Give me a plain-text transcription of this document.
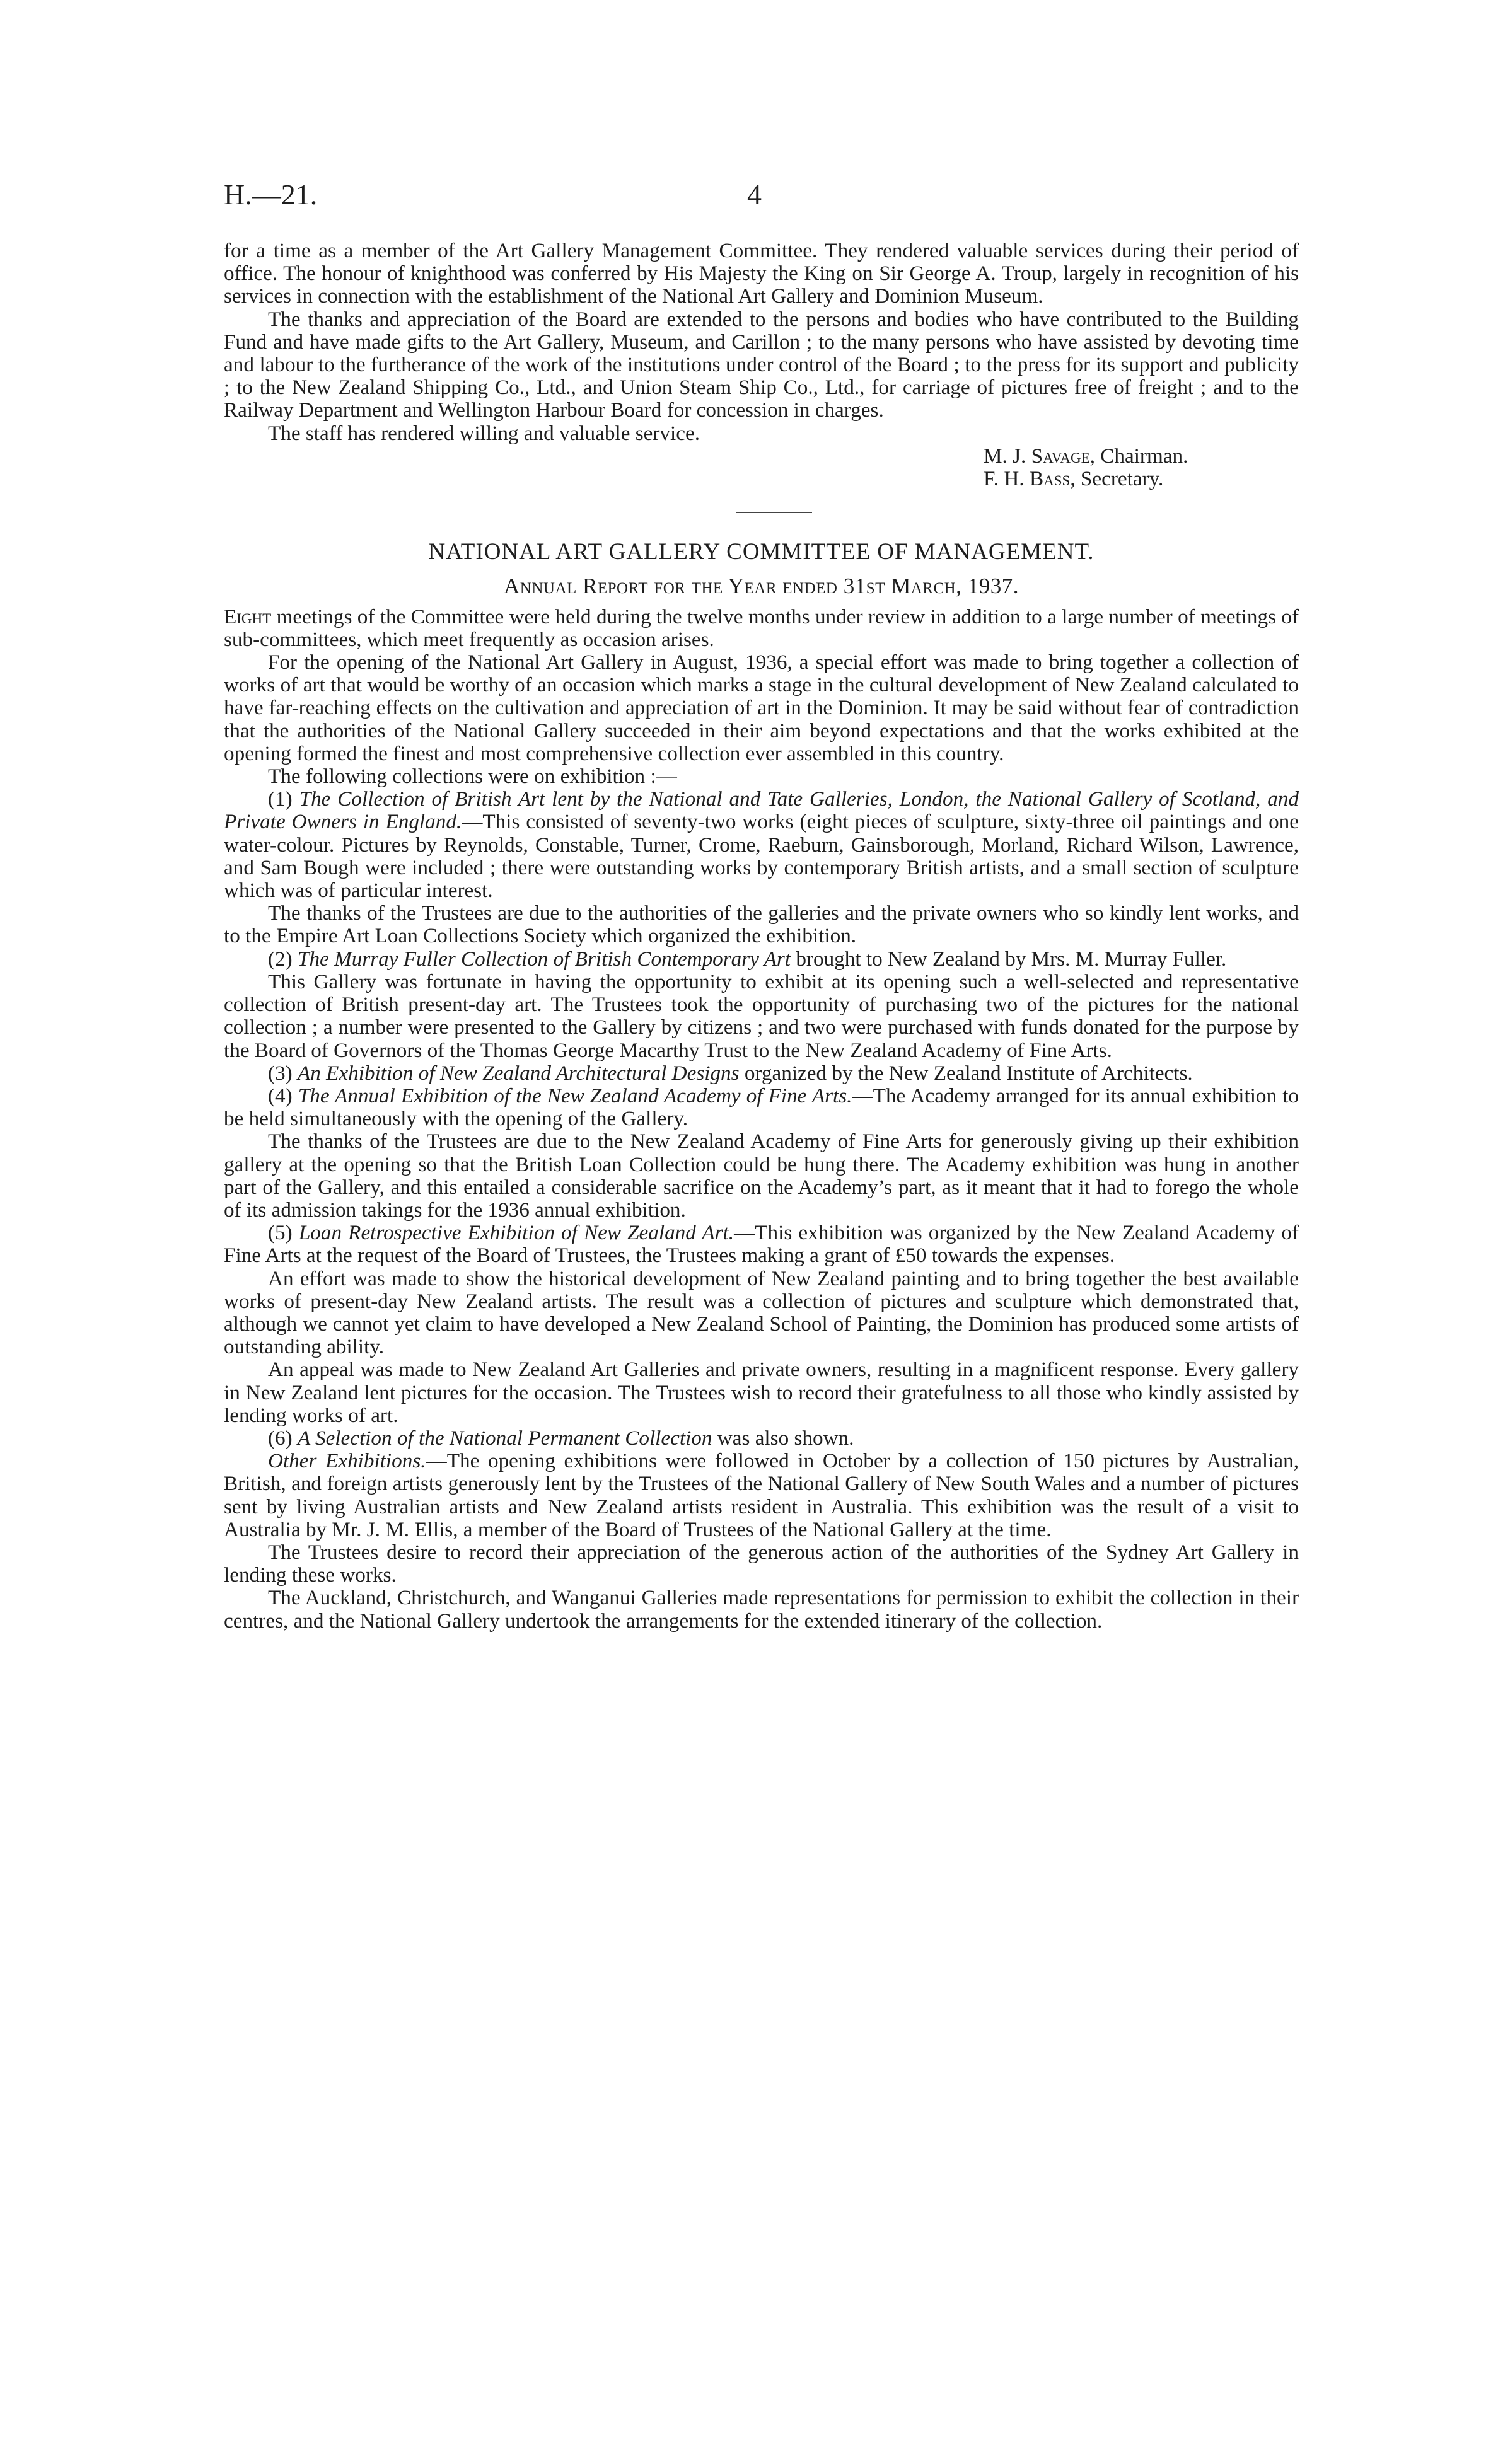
H.—21.	4

for a time as a member of the Art Gallery Management Committee. They rendered valuable services during their period of office. The honour of knighthood was conferred by His Majesty the King on Sir George A. Troup, largely in recognition of his services in connection with the establishment of the National Art Gallery and Dominion Museum.

The thanks and appreciation of the Board are extended to the persons and bodies who have contributed to the Building Fund and have made gifts to the Art Gallery, Museum, and Carillon ; to the many persons who have assisted by devoting time and labour to the furtherance of the work of the institutions under control of the Board ; to the press for its support and publicity ; to the New Zealand Shipping Co., Ltd., and Union Steam Ship Co., Ltd., for carriage of pictures free of freight ; and to the Railway Department and Wellington Harbour Board for concession in charges.

The staff has rendered willing and valuable service.

M. J. Savage, Chairman.

F. H. Bass, Secretary.

NATIONAL ART GALLERY COMMITTEE OF MANAGEMENT.
Annual Report for the Year ended 31st March, 1937.

Eight meetings of the Committee were held during the twelve months under review in addition to a large number of meetings of sub-committees, which meet frequently as occasion arises.

For the opening of the National Art Gallery in August, 1936, a special effort was made to bring together a collection of works of art that would be worthy of an occasion which marks a stage in the cultural development of New Zealand calculated to have far-reaching effects on the cultivation and appreciation of art in the Dominion. It may be said without fear of contradiction that the authorities of the National Gallery succeeded in their aim beyond expectations and that the works exhibited at the opening formed the finest and most comprehensive collection ever assembled in this country.

The following collections were on exhibition :—

(1) The Collection of British Art lent by the National and Tate Galleries, London, the National Gallery of Scotland, and Private Owners in England.—This consisted of seventy-two works (eight pieces of sculpture, sixty-three oil paintings and one water-colour. Pictures by Reynolds, Constable, Turner, Crome, Raeburn, Gainsborough, Morland, Richard Wilson, Lawrence, and Sam Bough were included ; there were outstanding works by contemporary British artists, and a small section of sculpture which was of particular interest.

The thanks of the Trustees are due to the authorities of the galleries and the private owners who so kindly lent works, and to the Empire Art Loan Collections Society which organized the exhibition.

(2) The Murray Fuller Collection of British Contemporary Art brought to New Zealand by Mrs. M. Murray Fuller.

This Gallery was fortunate in having the opportunity to exhibit at its opening such a well-selected and representative collection of British present-day art. The Trustees took the opportunity of purchasing two of the pictures for the national collection ; a number were presented to the Gallery by citizens ; and two were purchased with funds donated for the purpose by the Board of Governors of the Thomas George Macarthy Trust to the New Zealand Academy of Fine Arts.

(3) An Exhibition of New Zealand Architectural Designs organized by the New Zealand Institute of Architects.

(4) The Annual Exhibition of the New Zealand Academy of Fine Arts.—The Academy arranged for its annual exhibition to be held simultaneously with the opening of the Gallery.

The thanks of the Trustees are due to the New Zealand Academy of Fine Arts for generously giving up their exhibition gallery at the opening so that the British Loan Collection could be hung there. The Academy exhibition was hung in another part of the Gallery, and this entailed a considerable sacrifice on the Academy’s part, as it meant that it had to forego the whole of its admission takings for the 1936 annual exhibition.

(5) Loan Retrospective Exhibition of New Zealand Art.—This exhibition was organized by the New Zealand Academy of Fine Arts at the request of the Board of Trustees, the Trustees making a grant of £50 towards the expenses.

An effort was made to show the historical development of New Zealand painting and to bring together the best available works of present-day New Zealand artists. The result was a collection of pictures and sculpture which demonstrated that, although we cannot yet claim to have developed a New Zealand School of Painting, the Dominion has produced some artists of outstanding ability.

An appeal was made to New Zealand Art Galleries and private owners, resulting in a magnificent response. Every gallery in New Zealand lent pictures for the occasion. The Trustees wish to record their gratefulness to all those who kindly assisted by lending works of art.

(6) A Selection of the National Permanent Collection was also shown.

Other Exhibitions.—The opening exhibitions were followed in October by a collection of 150 pictures by Australian, British, and foreign artists generously lent by the Trustees of the National Gallery of New South Wales and a number of pictures sent by living Australian artists and New Zealand artists resident in Australia. This exhibition was the result of a visit to Australia by Mr. J. M. Ellis, a member of the Board of Trustees of the National Gallery at the time.

The Trustees desire to record their appreciation of the generous action of the authorities of the Sydney Art Gallery in lending these works.

The Auckland, Christchurch, and Wanganui Galleries made representations for permission to exhibit the collection in their centres, and the National Gallery undertook the arrangements for the extended itinerary of the collection.
